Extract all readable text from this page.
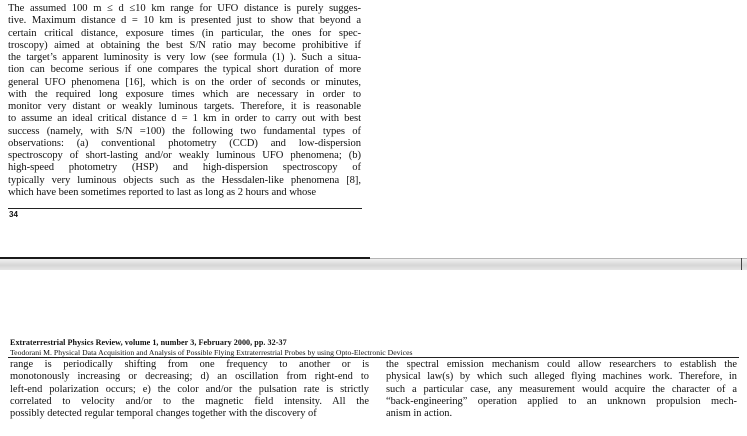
The assumed 100 m ≤ d ≤10 km range for UFO distance is purely sugges-
tive. Maximum distance d = 10 km is presented just to show that beyond a
certain critical distance, exposure times (in particular, the ones for spec-
troscopy) aimed at obtaining the best S/N ratio may become prohibitive if
the target’s apparent luminosity is very low (see formula (1) ). Such a situa-
tion can become serious if one compares the typical short duration of more
general UFO phenomena [16], which is on the order of seconds or minutes,
with the required long exposure times which are necessary in order to
monitor very distant or weakly luminous targets. Therefore, it is reasonable
to assume an ideal critical distance d = 1 km in order to carry out with best
success (namely, with S/N =100) the following two fundamental types of
observations: (a) conventional photometry (CCD) and low-dispersion
spectroscopy of short-lasting and/or weakly luminous UFO phenomena; (b)
high-speed photometry (HSP) and high-dispersion spectroscopy of
typically very luminous objects such as the Hessdalen-like phenomena [8],
which have been sometimes reported to last as long as 2 hours and whose
34
Extraterrestrial Physics Review, volume 1, number 3, February 2000, pp. 32-37
Teodorani M. Physical Data Acquisition and Analysis of Possible Flying Extraterrestrial Probes by using Opto-Electronic Devices
range is periodically shifting from one frequency to another or is
monotonously increasing or decreasing; d) an oscillation from right-end to
left-end polarization occurs; e) the color and/or the pulsation rate is strictly
correlated to velocity and/or to the magnetic field intensity. All the
possibly detected regular temporal changes together with the discovery of
the spectral emission mechanism could allow researchers to establish the
physical law(s) by which such alleged flying machines work. Therefore, in
such a particular case, any measurement would acquire the character of a
“back-engineering” operation applied to an unknown propulsion mech-
anism in action.
